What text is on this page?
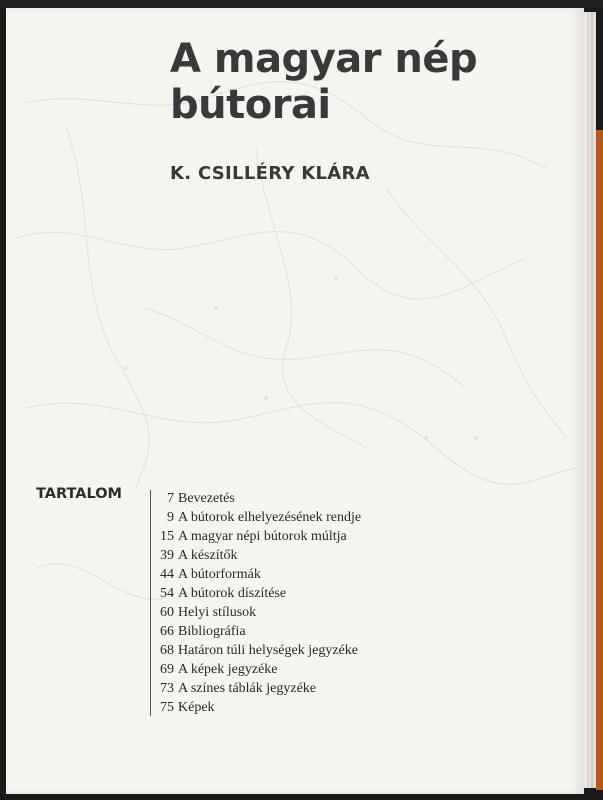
A magyar nép bútorai

K. CSILLÉRY KLÁRA

TARTALOM	7 Bevezetés
9 A bútorok elhelyezésének rendje
15 A magyar népi bútorok múltja
39 A készítők
44 A bútorformák
54 A bútorok díszítése
60 Helyi stílusok
66 Bibliográfia
68 Határon túli helységek jegyzéke
69 A képek jegyzéke
73 A színes táblák jegyzéke
75 Képek
